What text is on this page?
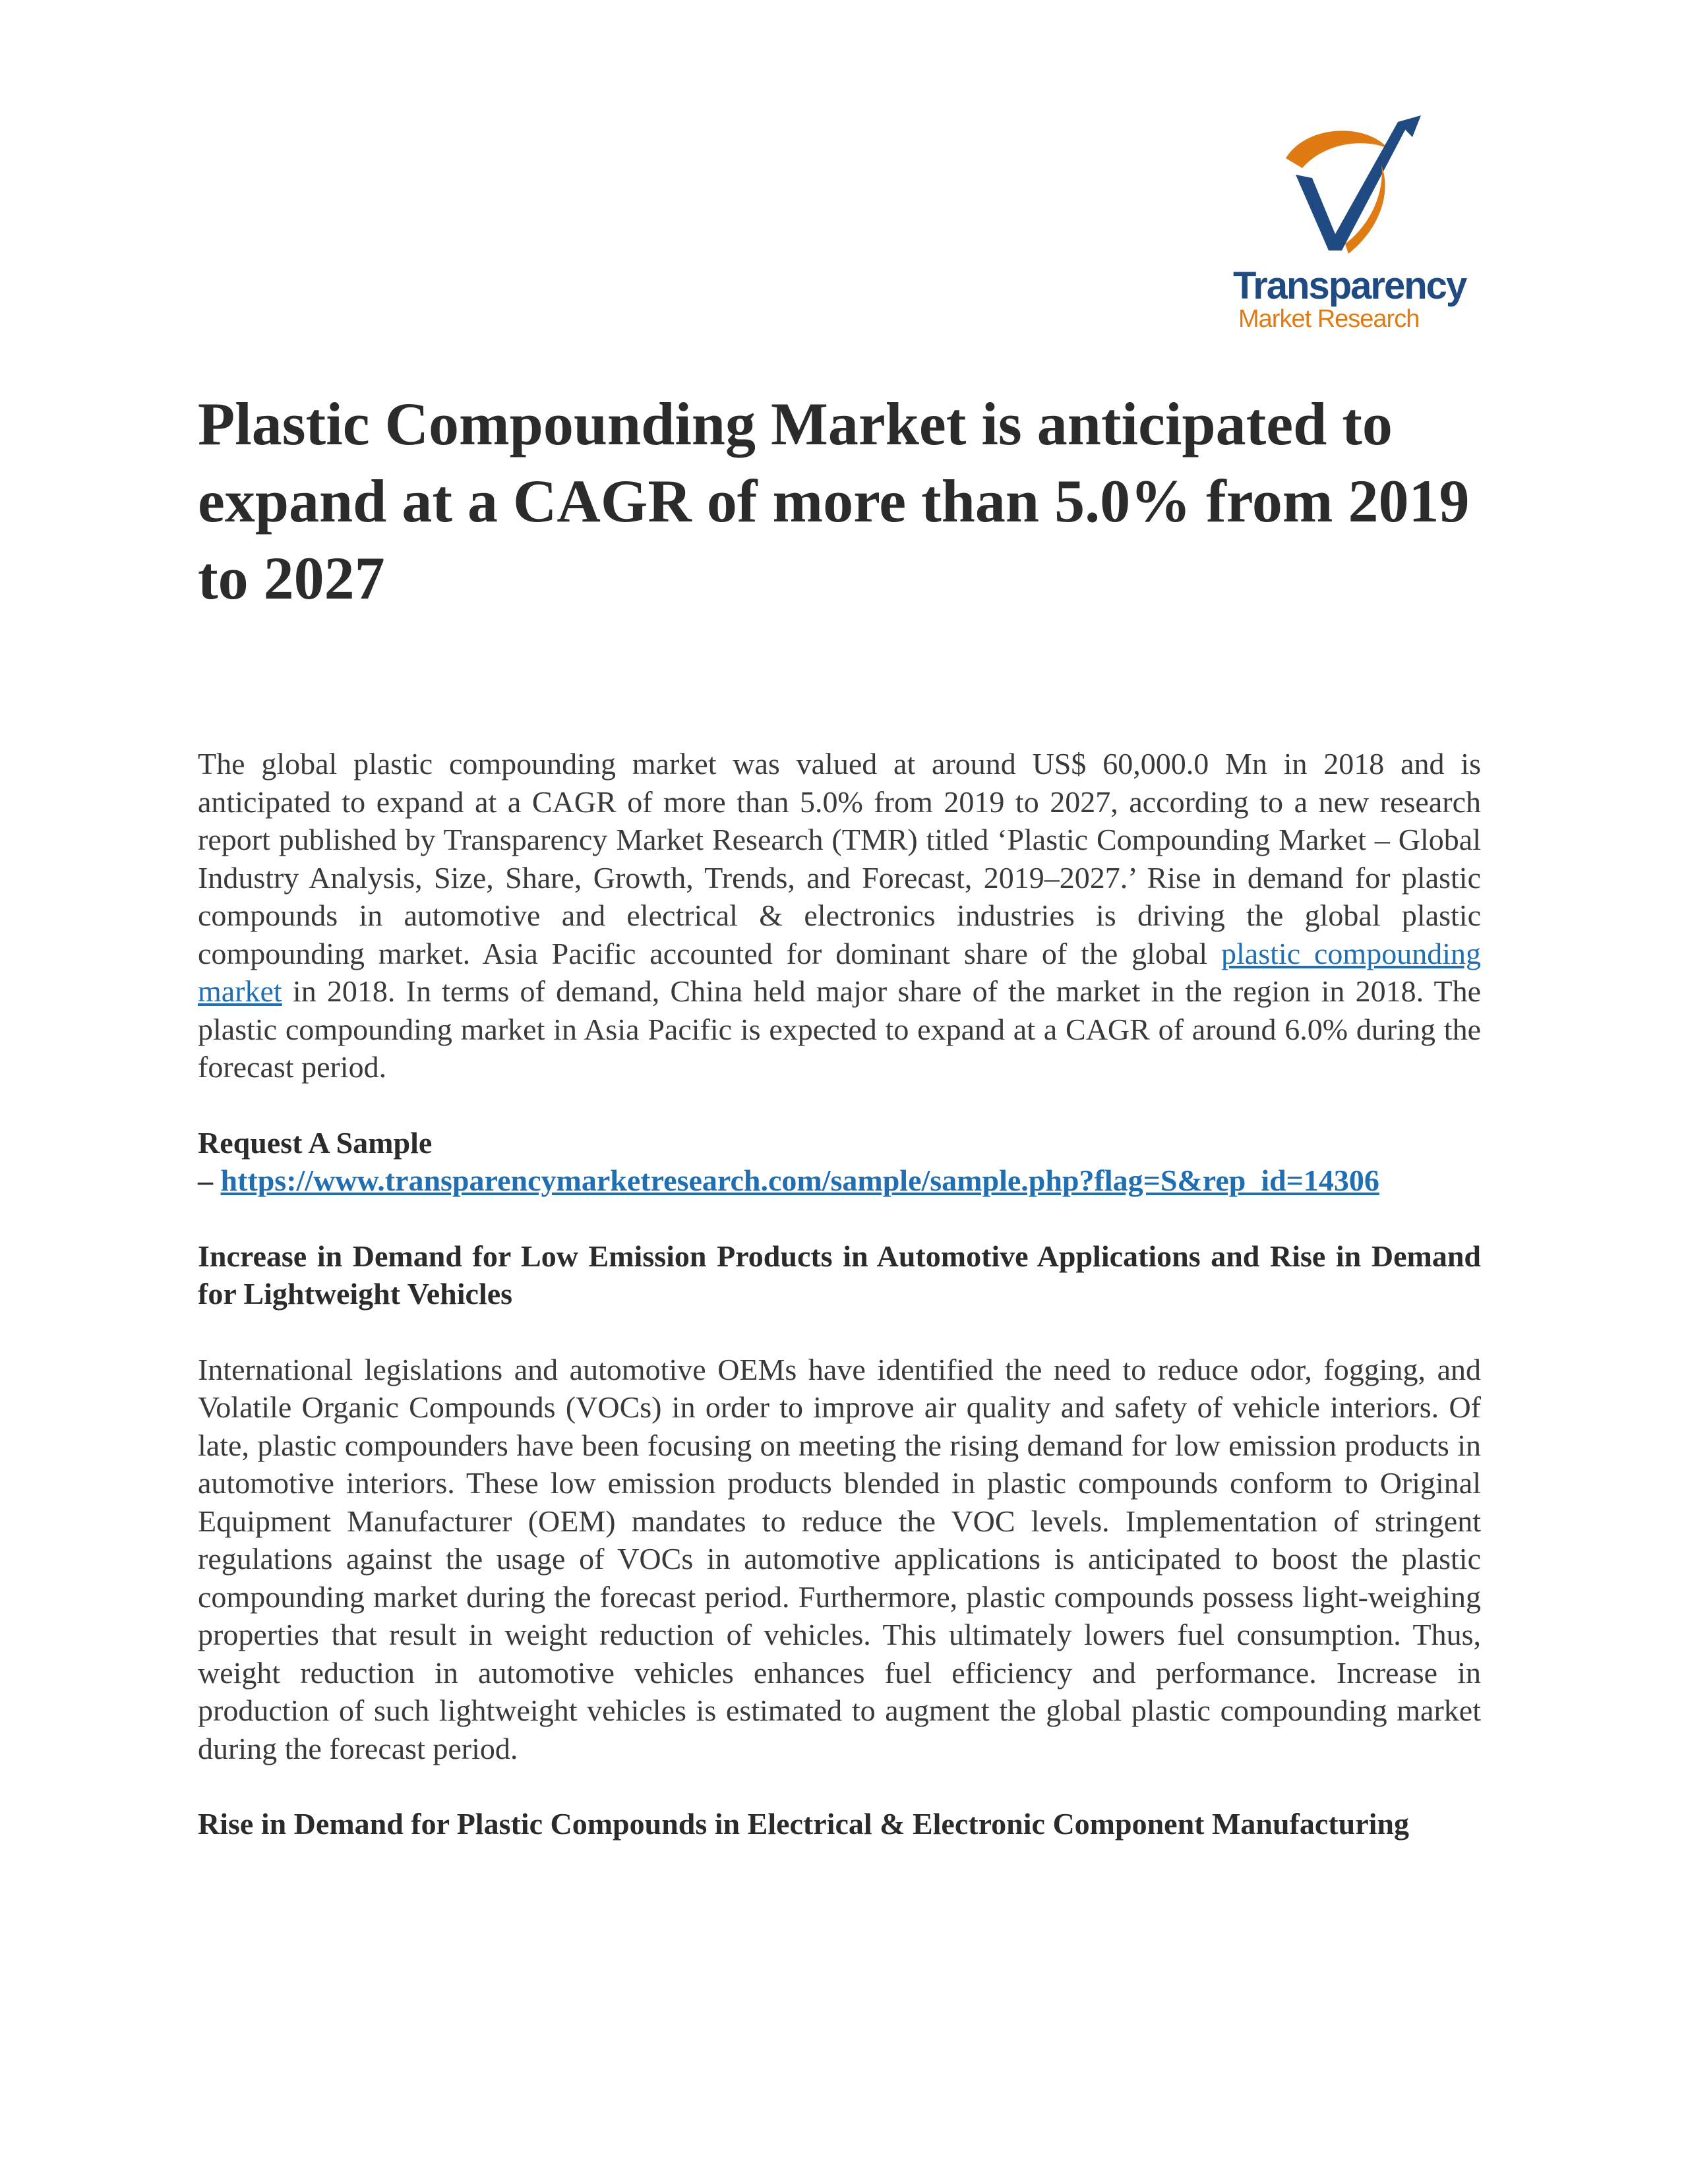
Transparency
Market Research
Plastic Compounding Market is anticipated to expand at a CAGR of more than 5.0% from 2019 to 2027

The global plastic compounding market was valued at around US$ 60,000.0 Mn in 2018 and is anticipated to expand at a CAGR of more than 5.0% from 2019 to 2027, according to a new research report published by Transparency Market Research (TMR) titled ‘Plastic Compounding Market – Global Industry Analysis, Size, Share, Growth, Trends, and Forecast, 2019–2027.’ Rise in demand for plastic compounds in automotive and electrical & electronics industries is driving the global plastic compounding market. Asia Pacific accounted for dominant share of the global plastic compounding market in 2018. In terms of demand, China held major share of the market in the region in 2018. The plastic compounding market in Asia Pacific is expected to expand at a CAGR of around 6.0% during the forecast period.

Request A Sample

– https://www.transparencymarketresearch.com/sample/sample.php?flag=S&rep_id=14306

Increase in Demand for Low Emission Products in Automotive Applications and Rise in Demand for Lightweight Vehicles

International legislations and automotive OEMs have identified the need to reduce odor, fogging, and Volatile Organic Compounds (VOCs) in order to improve air quality and safety of vehicle interiors. Of late, plastic compounders have been focusing on meeting the rising demand for low emission products in automotive interiors. These low emission products blended in plastic compounds conform to Original Equipment Manufacturer (OEM) mandates to reduce the VOC levels. Implementation of stringent regulations against the usage of VOCs in automotive applications is anticipated to boost the plastic compounding market during the forecast period. Furthermore, plastic compounds possess light-weighing properties that result in weight reduction of vehicles. This ultimately lowers fuel consumption. Thus, weight reduction in automotive vehicles enhances fuel efficiency and performance. Increase in production of such lightweight vehicles is estimated to augment the global plastic compounding market during the forecast period.

Rise in Demand for Plastic Compounds in Electrical & Electronic Component Manufacturing
